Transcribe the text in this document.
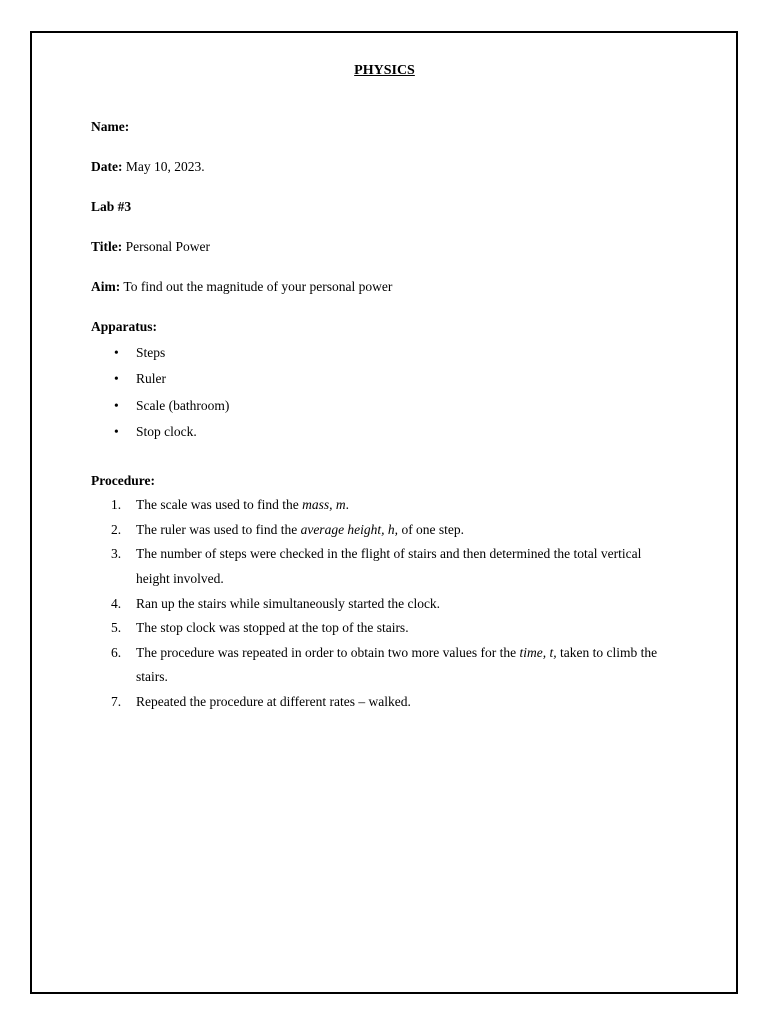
PHYSICS
Name:
Date: May 10, 2023.
Lab #3
Title: Personal Power
Aim: To find out the magnitude of your personal power
Apparatus:
• Steps
• Ruler
• Scale (bathroom)
• Stop clock.
Procedure:
1. The scale was used to find the mass, m.
2. The ruler was used to find the average height, h, of one step.
3. The number of steps were checked in the flight of stairs and then determined the total vertical
height involved.
4. Ran up the stairs while simultaneously started the clock.
5. The stop clock was stopped at the top of the stairs.
6. The procedure was repeated in order to obtain two more values for the time, t, taken to climb the
stairs.
7. Repeated the procedure at different rates – walked.
